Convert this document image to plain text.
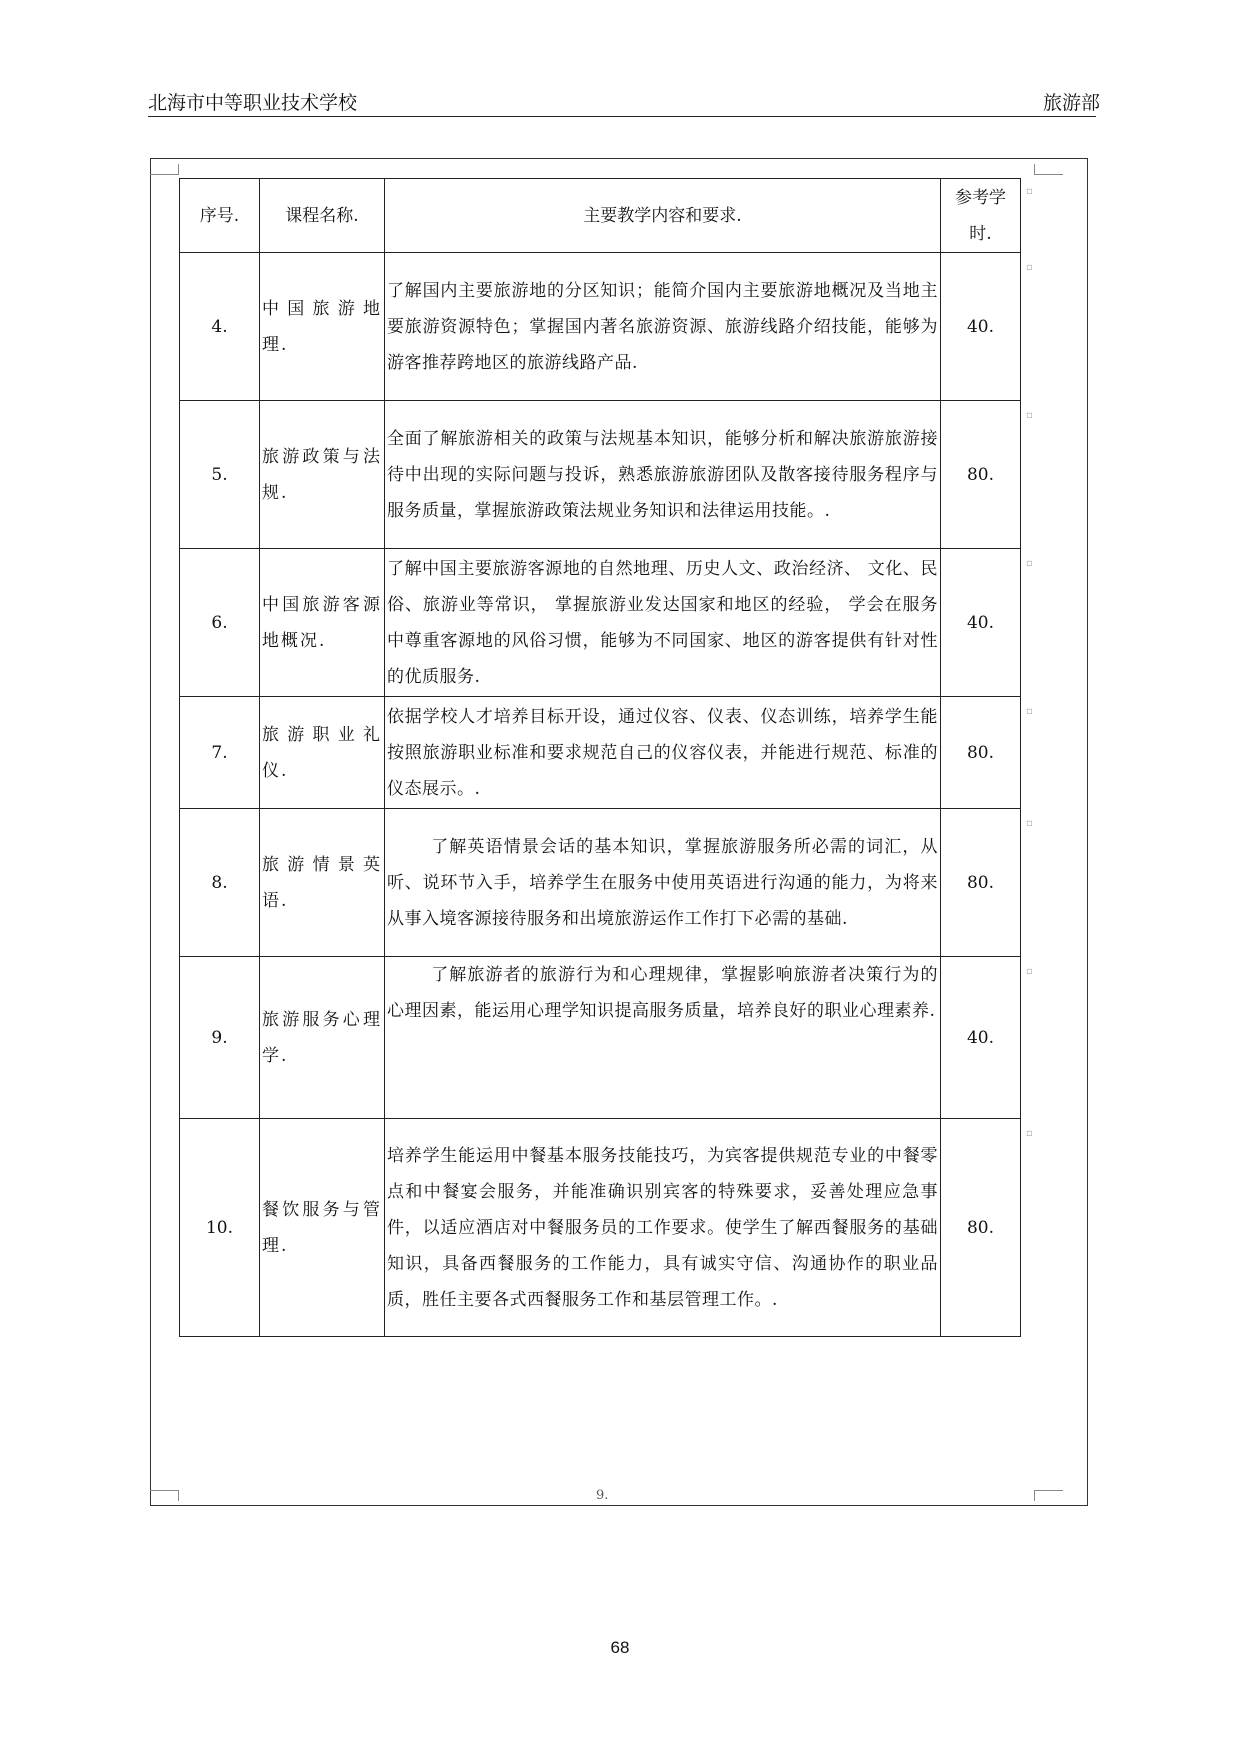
北海市中等职业技术学校	旅游部
序号.	课程名称.	主要教学内容和要求.	参考学
时.

4.	中国旅游地理.	了解国内主要旅游地的分区知识；能简介国内主要旅游地概况及当地主要旅游资源特色；掌握国内著名旅游资源、旅游线路介绍技能，能够为游客推荐跨地区的旅游线路产品.	40.
5.	旅游政策与法规.	全面了解旅游相关的政策与法规基本知识，能够分析和解决旅游旅游接待中出现的实际问题与投诉，熟悉旅游旅游团队及散客接待服务程序与服务质量，掌握旅游政策法规业务知识和法律运用技能。.	80.
6.	中国旅游客源地概况.	了解中国主要旅游客源地的自然地理、历史人文、政治经济、 文化、民俗、旅游业等常识， 掌握旅游业发达国家和地区的经验， 学会在服务中尊重客源地的风俗习惯，能够为不同国家、地区的游客提供有针对性的优质服务.	40.
7.	旅游职业礼仪.	依据学校人才培养目标开设，通过仪容、仪表、仪态训练，培养学生能按照旅游职业标准和要求规范自己的仪容仪表，并能进行规范、标准的仪态展示。.	80.
8.	旅游情景英语.	了解英语情景会话的基本知识，掌握旅游服务所必需的词汇，从听、说环节入手，培养学生在服务中使用英语进行沟通的能力，为将来从事入境客源接待服务和出境旅游运作工作打下必需的基础.	80.
9.	旅游服务心理学.	了解旅游者的旅游行为和心理规律，掌握影响旅游者决策行为的心理因素，能运用心理学知识提高服务质量，培养良好的职业心理素养.	40.
10.	餐饮服务与管理.	培养学生能运用中餐基本服务技能技巧，为宾客提供规范专业的中餐零点和中餐宴会服务，并能准确识别宾客的特殊要求，妥善处理应急事件，以适应酒店对中餐服务员的工作要求。使学生了解西餐服务的基础知识，具备西餐服务的工作能力，具有诚实守信、沟通协作的职业品质，胜任主要各式西餐服务工作和基层管理工作。.	80.
▫
▫
▫
▫
▫
▫
▫
▫
9.
68
